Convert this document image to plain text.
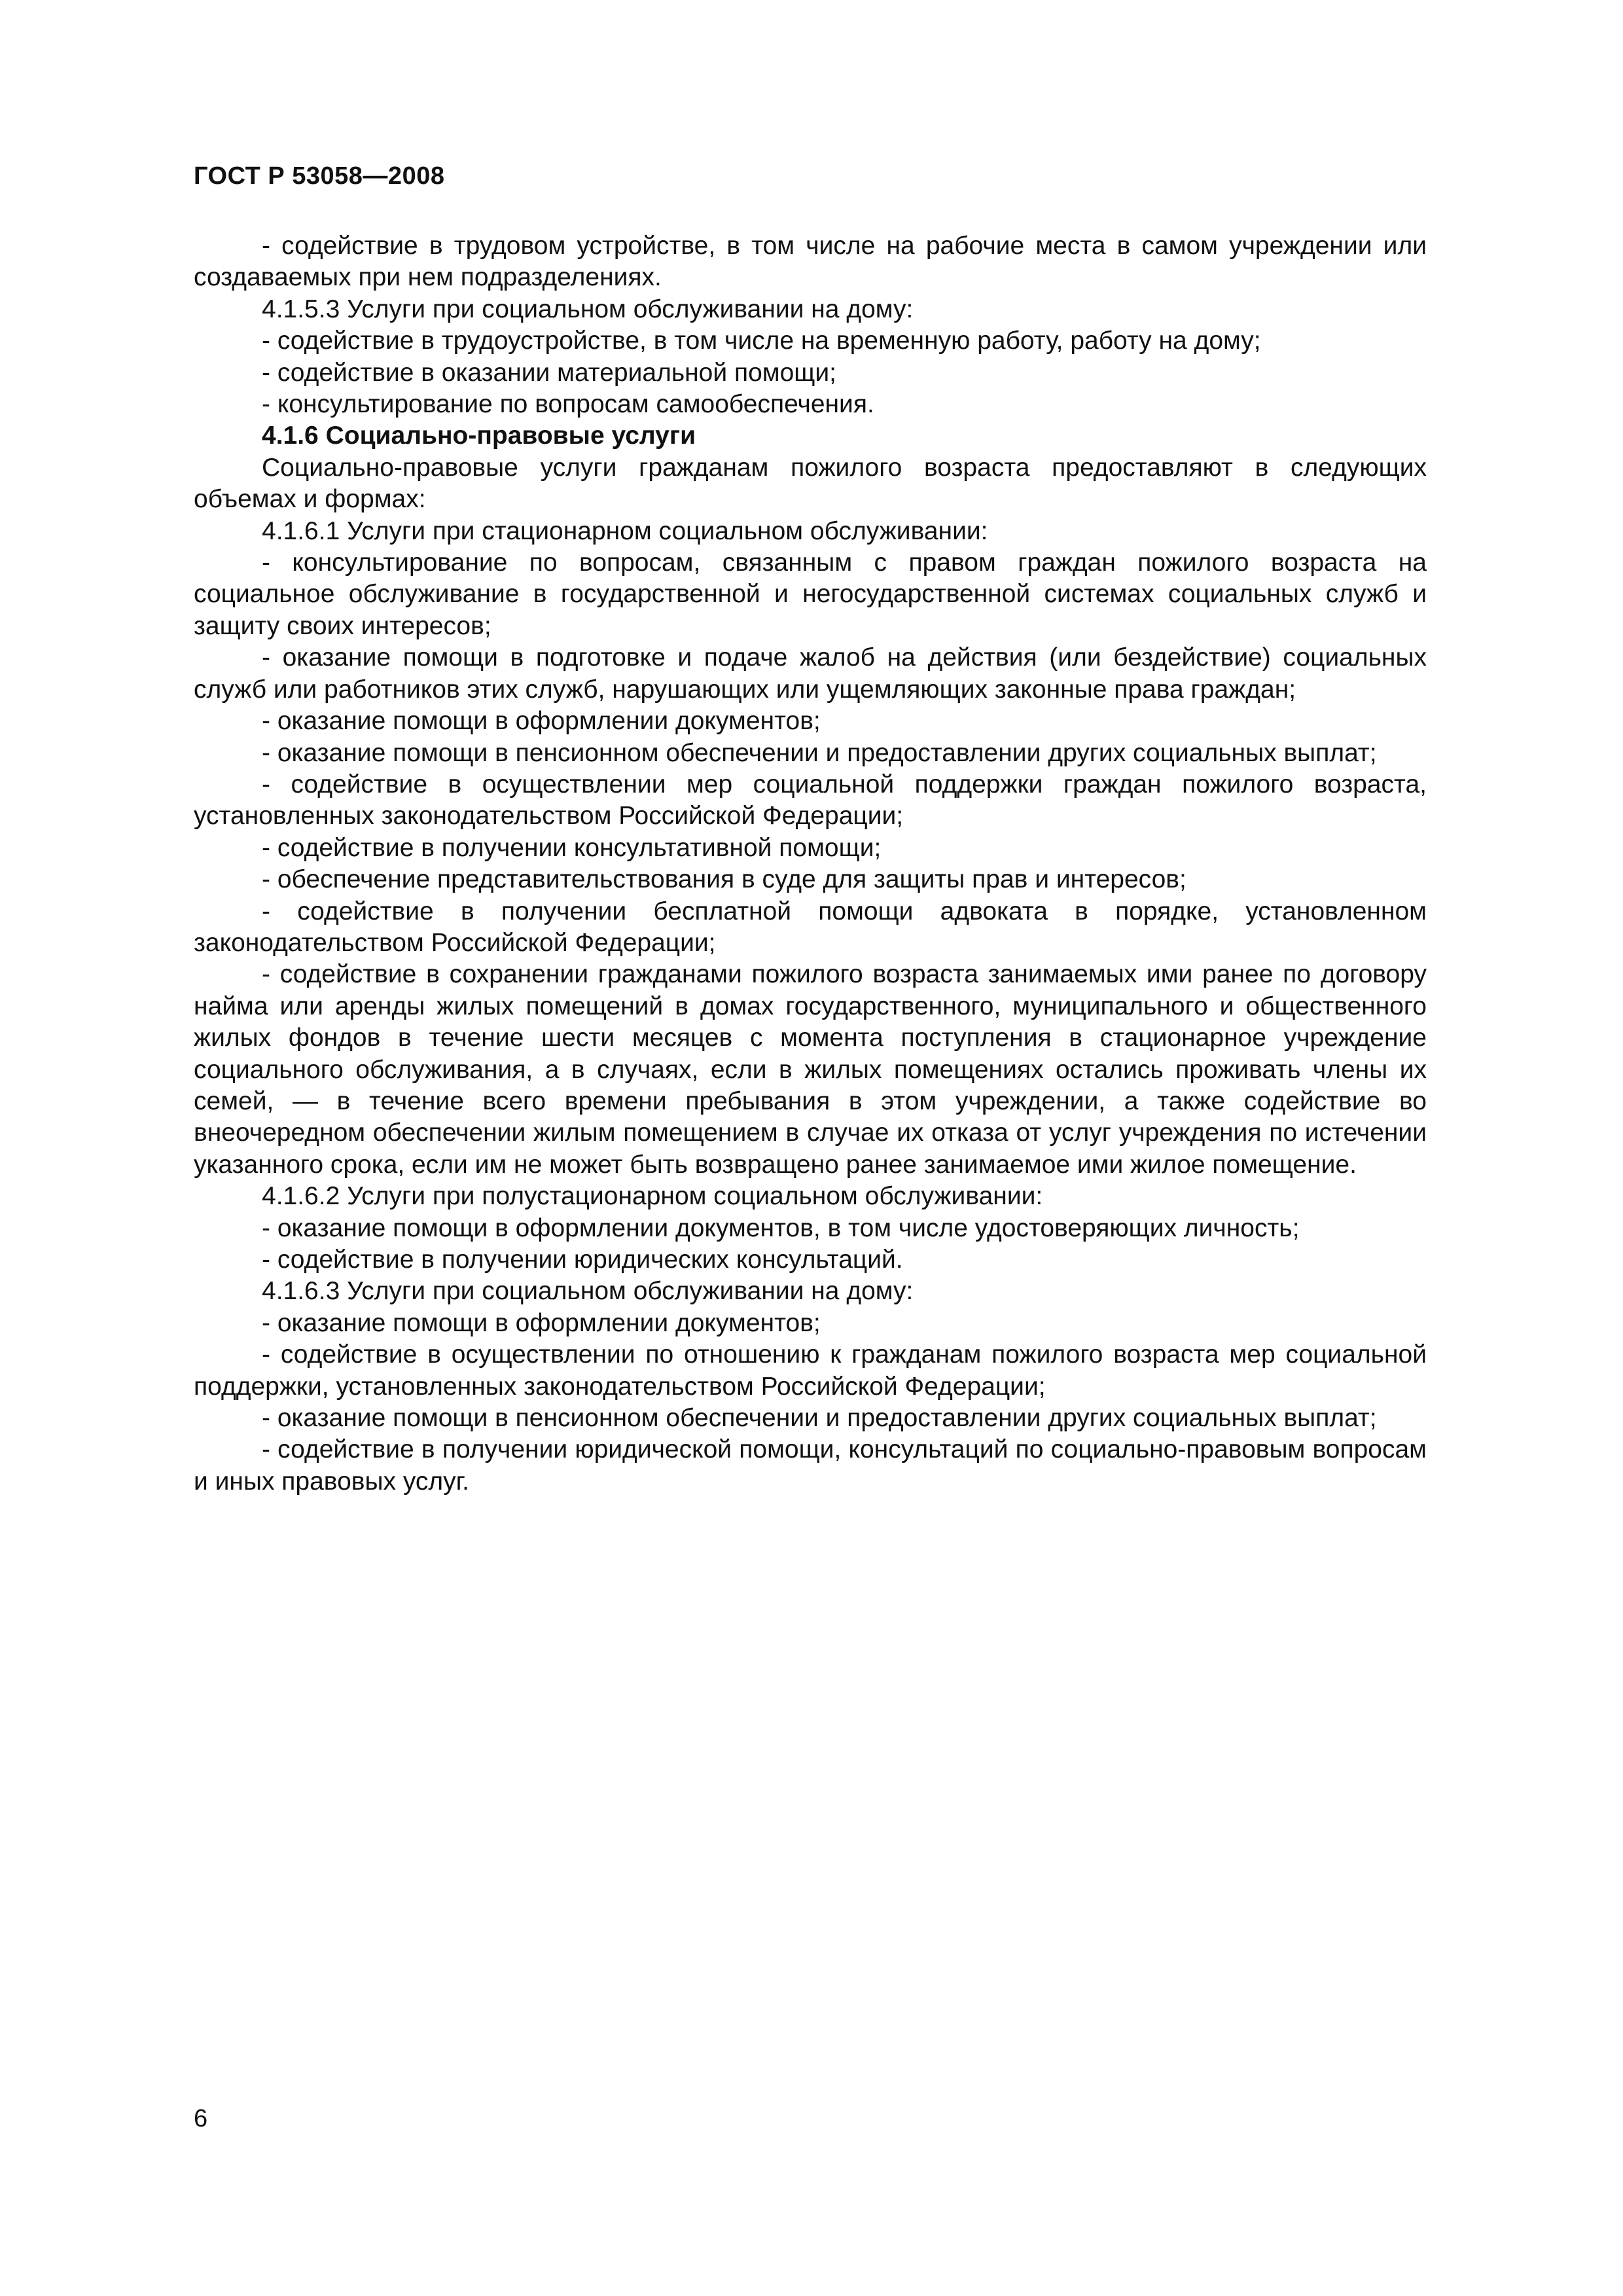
ГОСТ Р 53058—2008

- содействие в трудовом устройстве, в том числе на рабочие места в самом учреждении или создаваемых при нем подразделениях.

4.1.5.3 Услуги при социальном обслуживании на дому:

- содействие в трудоустройстве, в том числе на временную работу, работу на дому;

- содействие в оказании материальной помощи;

- консультирование по вопросам самообеспечения.

4.1.6 Социально-правовые услуги

Социально-правовые услуги гражданам пожилого возраста предоставляют в следующих объемах и формах:

4.1.6.1 Услуги при стационарном социальном обслуживании:

- консультирование по вопросам, связанным с правом граждан пожилого возраста на социальное обслуживание в государственной и негосударственной системах социальных служб и защиту своих интересов;

- оказание помощи в подготовке и подаче жалоб на действия (или бездействие) социальных служб или работников этих служб, нарушающих или ущемляющих законные права граждан;

- оказание помощи в оформлении документов;

- оказание помощи в пенсионном обеспечении и предоставлении других социальных выплат;

- содействие в осуществлении мер социальной поддержки граждан пожилого возраста, установленных законодательством Российской Федерации;

- содействие в получении консультативной помощи;

- обеспечение представительствования в суде для защиты прав и интересов;

- содействие в получении бесплатной помощи адвоката в порядке, установленном законодательством Российской Федерации;

- содействие в сохранении гражданами пожилого возраста занимаемых ими ранее по договору найма или аренды жилых помещений в домах государственного, муниципального и общественного жилых фондов в течение шести месяцев с момента поступления в стационарное учреждение социального обслуживания, а в случаях, если в жилых помещениях остались проживать члены их семей, — в течение всего времени пребывания в этом учреждении, а также содействие во внеочередном обеспечении жилым помещением в случае их отказа от услуг учреждения по истечении указанного срока, если им не может быть возвращено ранее занимаемое ими жилое помещение.

4.1.6.2 Услуги при полустационарном социальном обслуживании:

- оказание помощи в оформлении документов, в том числе удостоверяющих личность;

- содействие в получении юридических консультаций.

4.1.6.3 Услуги при социальном обслуживании на дому:

- оказание помощи в оформлении документов;

- содействие в осуществлении по отношению к гражданам пожилого возраста мер социальной поддержки, установленных законодательством Российской Федерации;

- оказание помощи в пенсионном обеспечении и предоставлении других социальных выплат;

- содействие в получении юридической помощи, консультаций по социально-правовым вопросам и иных правовых услуг.

6
